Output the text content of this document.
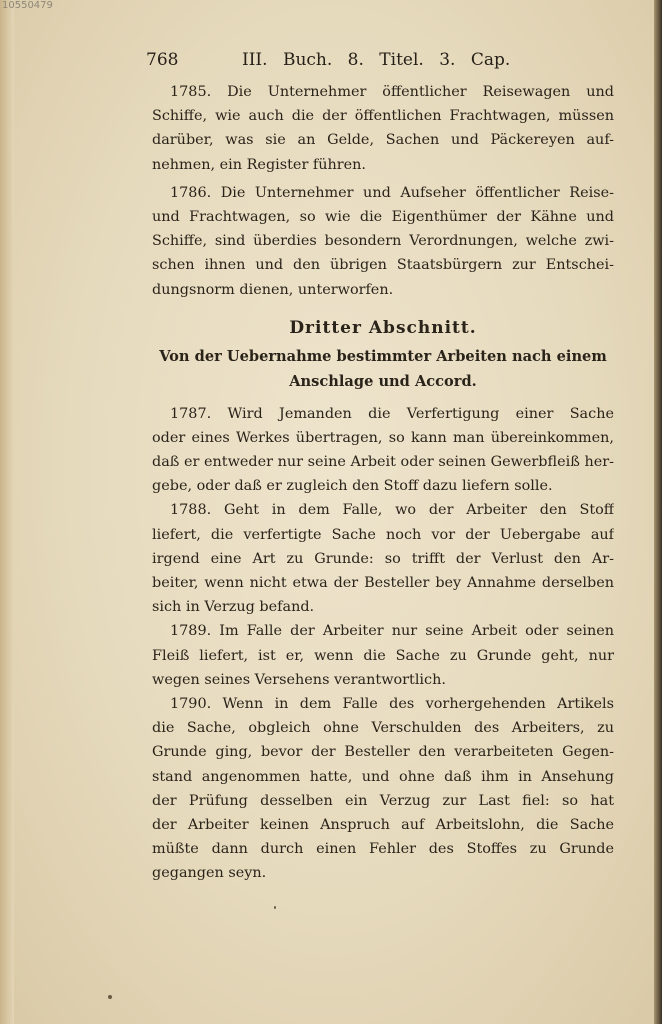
10550479
768	III. Buch. 8. Titel. 3. Cap.
1785. Die Unternehmer öffentlicher Reisewagen und
Schiffe, wie auch die der öffentlichen Frachtwagen, müssen
darüber, was sie an Gelde, Sachen und Päckereyen auf-
nehmen, ein Register führen.
1786. Die Unternehmer und Aufseher öffentlicher Reise-
und Frachtwagen, so wie die Eigenthümer der Kähne und
Schiffe, sind überdies besondern Verordnungen, welche zwi-
schen ihnen und den übrigen Staatsbürgern zur Entschei-
dungsnorm dienen, unterworfen.
Dritter Abschnitt.
Von der Uebernahme bestimmter Arbeiten nach einem
Anschlage und Accord.
1787. Wird Jemanden die Verfertigung einer Sache
oder eines Werkes übertragen, so kann man übereinkommen,
daß er entweder nur seine Arbeit oder seinen Gewerbfleiß her-
gebe, oder daß er zugleich den Stoff dazu liefern solle.
1788. Geht in dem Falle, wo der Arbeiter den Stoff
liefert, die verfertigte Sache noch vor der Uebergabe auf
irgend eine Art zu Grunde: so trifft der Verlust den Ar-
beiter, wenn nicht etwa der Besteller bey Annahme derselben
sich in Verzug befand.
1789. Im Falle der Arbeiter nur seine Arbeit oder seinen
Fleiß liefert, ist er, wenn die Sache zu Grunde geht, nur
wegen seines Versehens verantwortlich.
1790. Wenn in dem Falle des vorhergehenden Artikels
die Sache, obgleich ohne Verschulden des Arbeiters, zu
Grunde ging, bevor der Besteller den verarbeiteten Gegen-
stand angenommen hatte, und ohne daß ihm in Ansehung
der Prüfung desselben ein Verzug zur Last fiel: so hat
der Arbeiter keinen Anspruch auf Arbeitslohn, die Sache
müßte dann durch einen Fehler des Stoffes zu Grunde
gegangen seyn.
